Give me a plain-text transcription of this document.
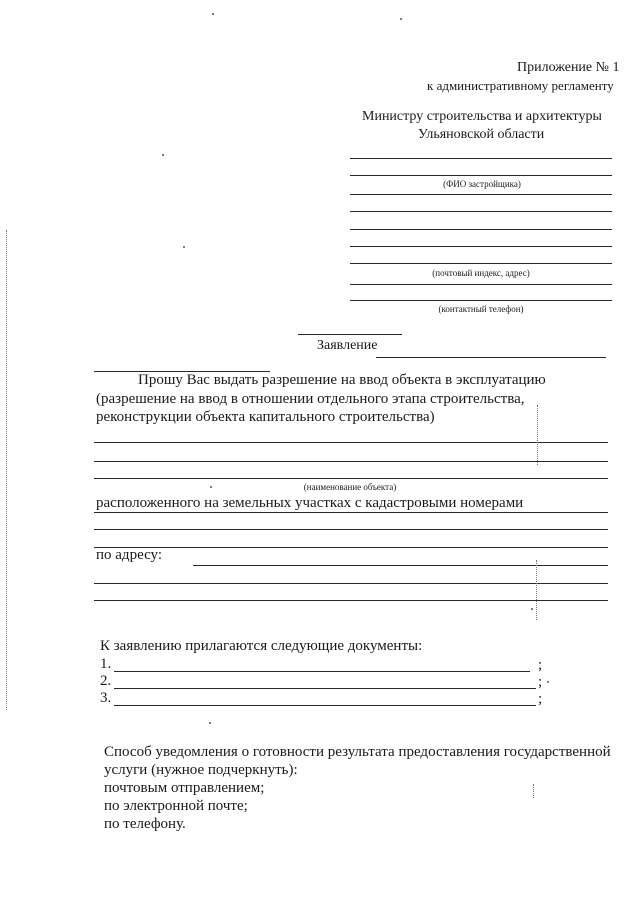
Приложение № 1
к административному регламенту
Министру строительства и архитектуры
Ульяновской области
(ФИО застройщика)
(почтовый индекс, адрес)
(контактный телефон)
Заявление
Прошу Вас выдать разрешение на ввод объекта в эксплуатацию
(разрешение на ввод в отношении отдельного этапа строительства,
реконструкции объекта капитального строительства)
(наименование объекта)
расположенного на земельных участках с кадастровыми номерами
по адресу:
К заявлению прилагаются следующие документы:
1.	;
2.	;
3.	;
Способ уведомления о готовности результата предоставления государственной
услуги (нужное подчеркнуть):
почтовым отправлением;
по электронной почте;
по телефону.
